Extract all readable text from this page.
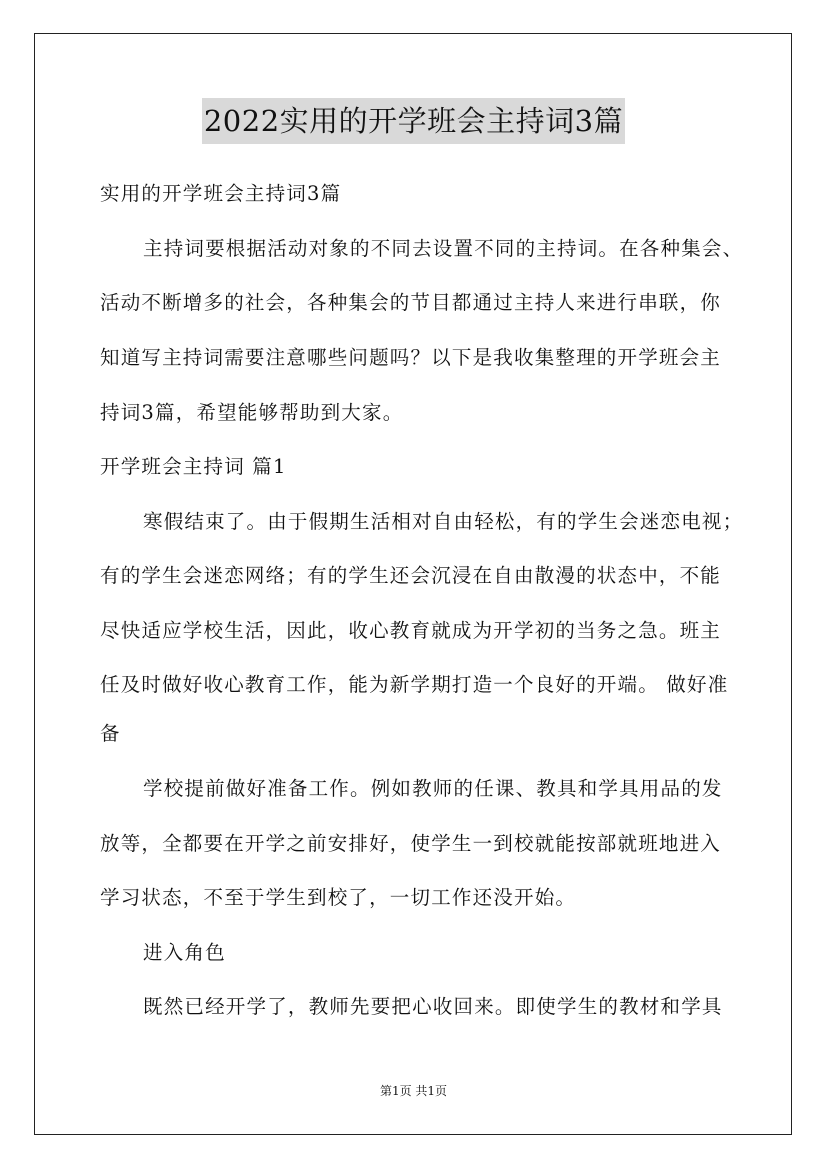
2022实用的开学班会主持词3篇
实用的开学班会主持词3篇
主持词要根据活动对象的不同去设置不同的主持词。在各种集会、
活动不断增多的社会，各种集会的节目都通过主持人来进行串联，你
知道写主持词需要注意哪些问题吗？以下是我收集整理的开学班会主
持词3篇，希望能够帮助到大家。
开学班会主持词 篇1
寒假结束了。由于假期生活相对自由轻松，有的学生会迷恋电视；
有的学生会迷恋网络；有的学生还会沉浸在自由散漫的状态中，不能
尽快适应学校生活，因此，收心教育就成为开学初的当务之急。班主
任及时做好收心教育工作，能为新学期打造一个良好的开端。 做好准
备
学校提前做好准备工作。例如教师的任课、教具和学具用品的发
放等，全都要在开学之前安排好，使学生一到校就能按部就班地进入
学习状态，不至于学生到校了，一切工作还没开始。
进入角色
既然已经开学了，教师先要把心收回来。即使学生的教材和学具
第1页 共1页
